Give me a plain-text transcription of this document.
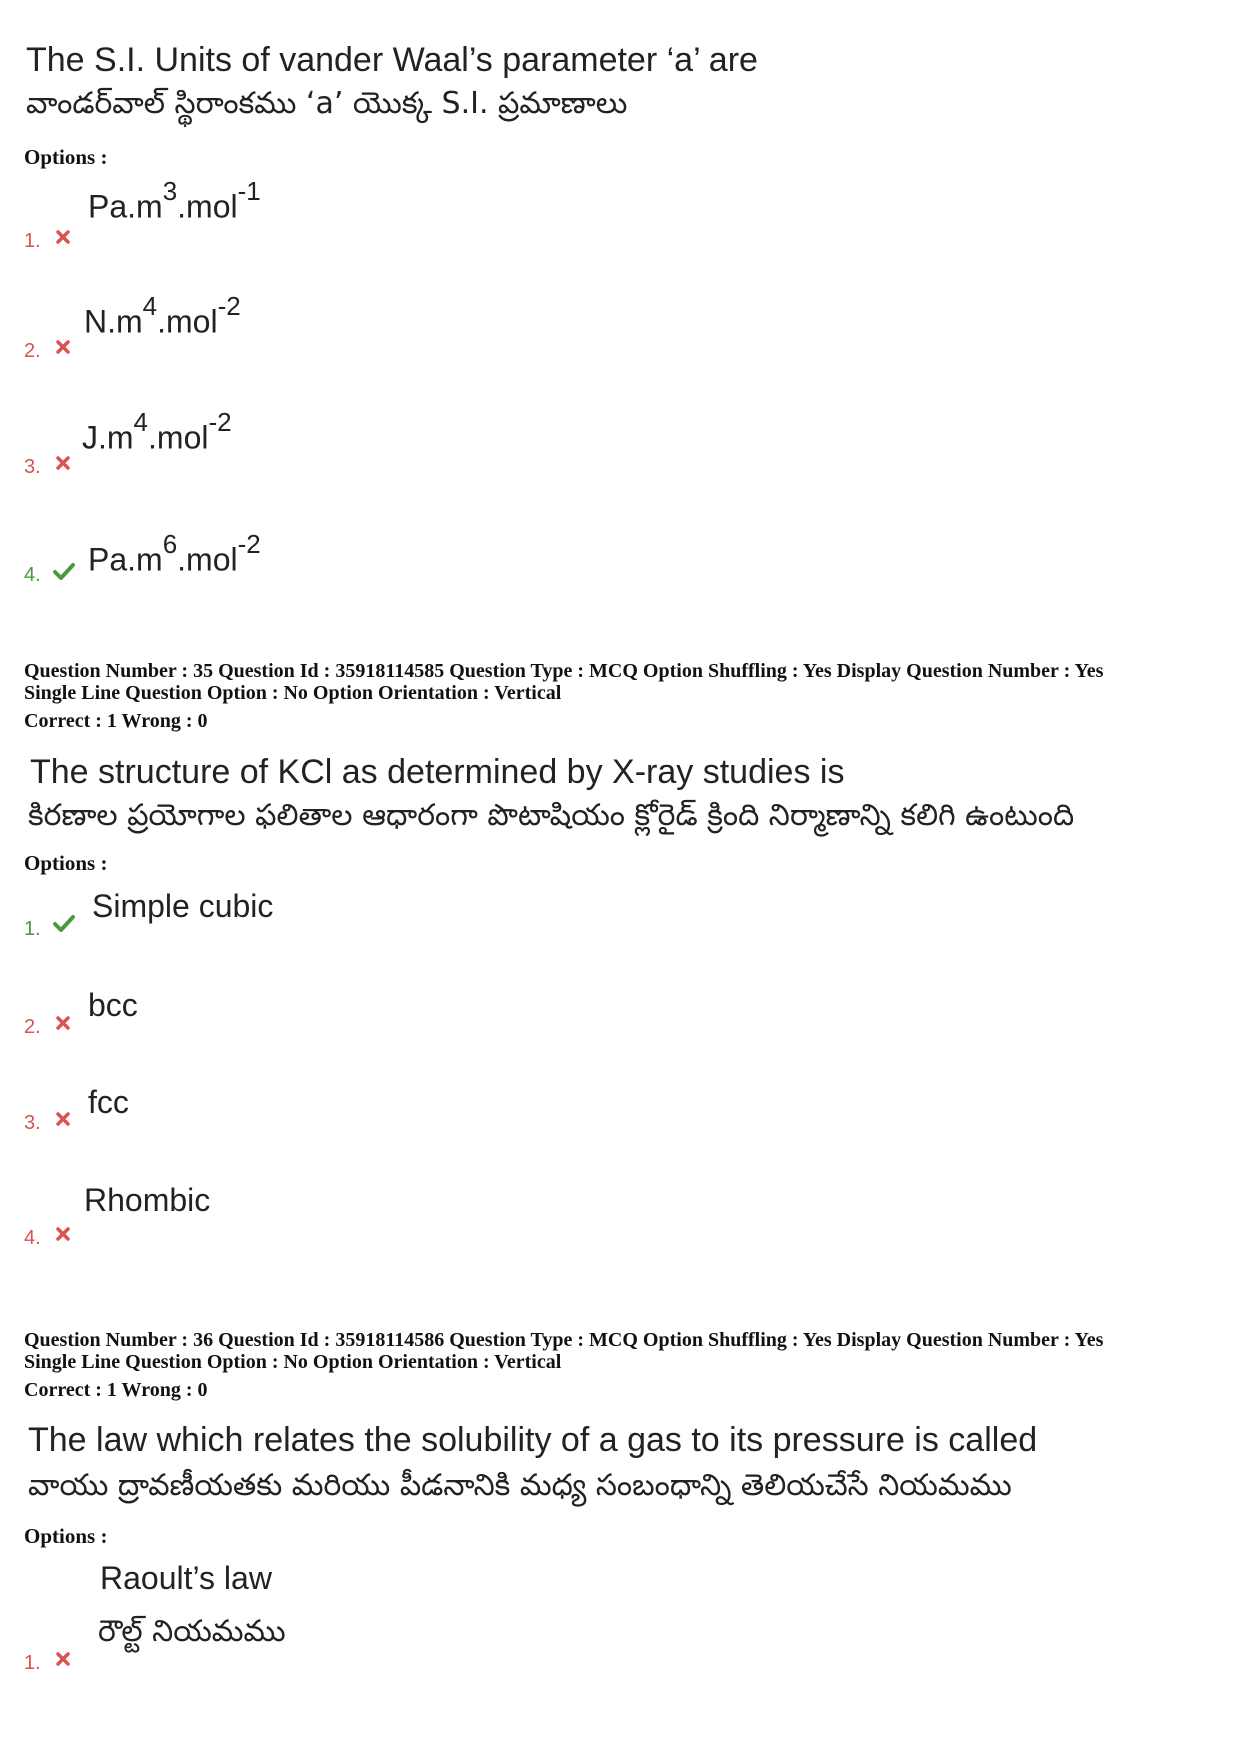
The S.I. Units of vander Waal’s parameter ‘a’ are
వాండర్‌వాల్ స్థిరాంకము ‘a’ యొక్క S.I. ప్రమాణాలు
Options :
$Pa.m^3.mol^{-1}$
1.
$N.m^4.mol^{-2}$
2.
$J.m^4.mol^{-2}$
3.
$Pa.m^6.mol^{-2}$
4.
Question Number : 35 Question Id : 35918114585 Question Type : MCQ Option Shuffling : Yes Display Question Number : Yes
Single Line Question Option : No Option Orientation : Vertical
Correct : 1 Wrong : 0
The structure of KCl as determined by X-ray studies is
కిరణాల ప్రయోగాల ఫలితాల ఆధారంగా పొటాషియం క్లోరైడ్ క్రింది నిర్మాణాన్ని కలిగి ఉంటుంది
Options :
Simple cubic
1.
bcc
2.
fcc
3.
Rhombic
4.
Question Number : 36 Question Id : 35918114586 Question Type : MCQ Option Shuffling : Yes Display Question Number : Yes
Single Line Question Option : No Option Orientation : Vertical
Correct : 1 Wrong : 0
The law which relates the solubility of a gas to its pressure is called
వాయు ద్రావణీయతకు మరియు పీడనానికి మధ్య సంబంధాన్ని తెలియచేసే నియమము
Options :
Raoult’s law
రౌల్ట్ నియమము
1.
